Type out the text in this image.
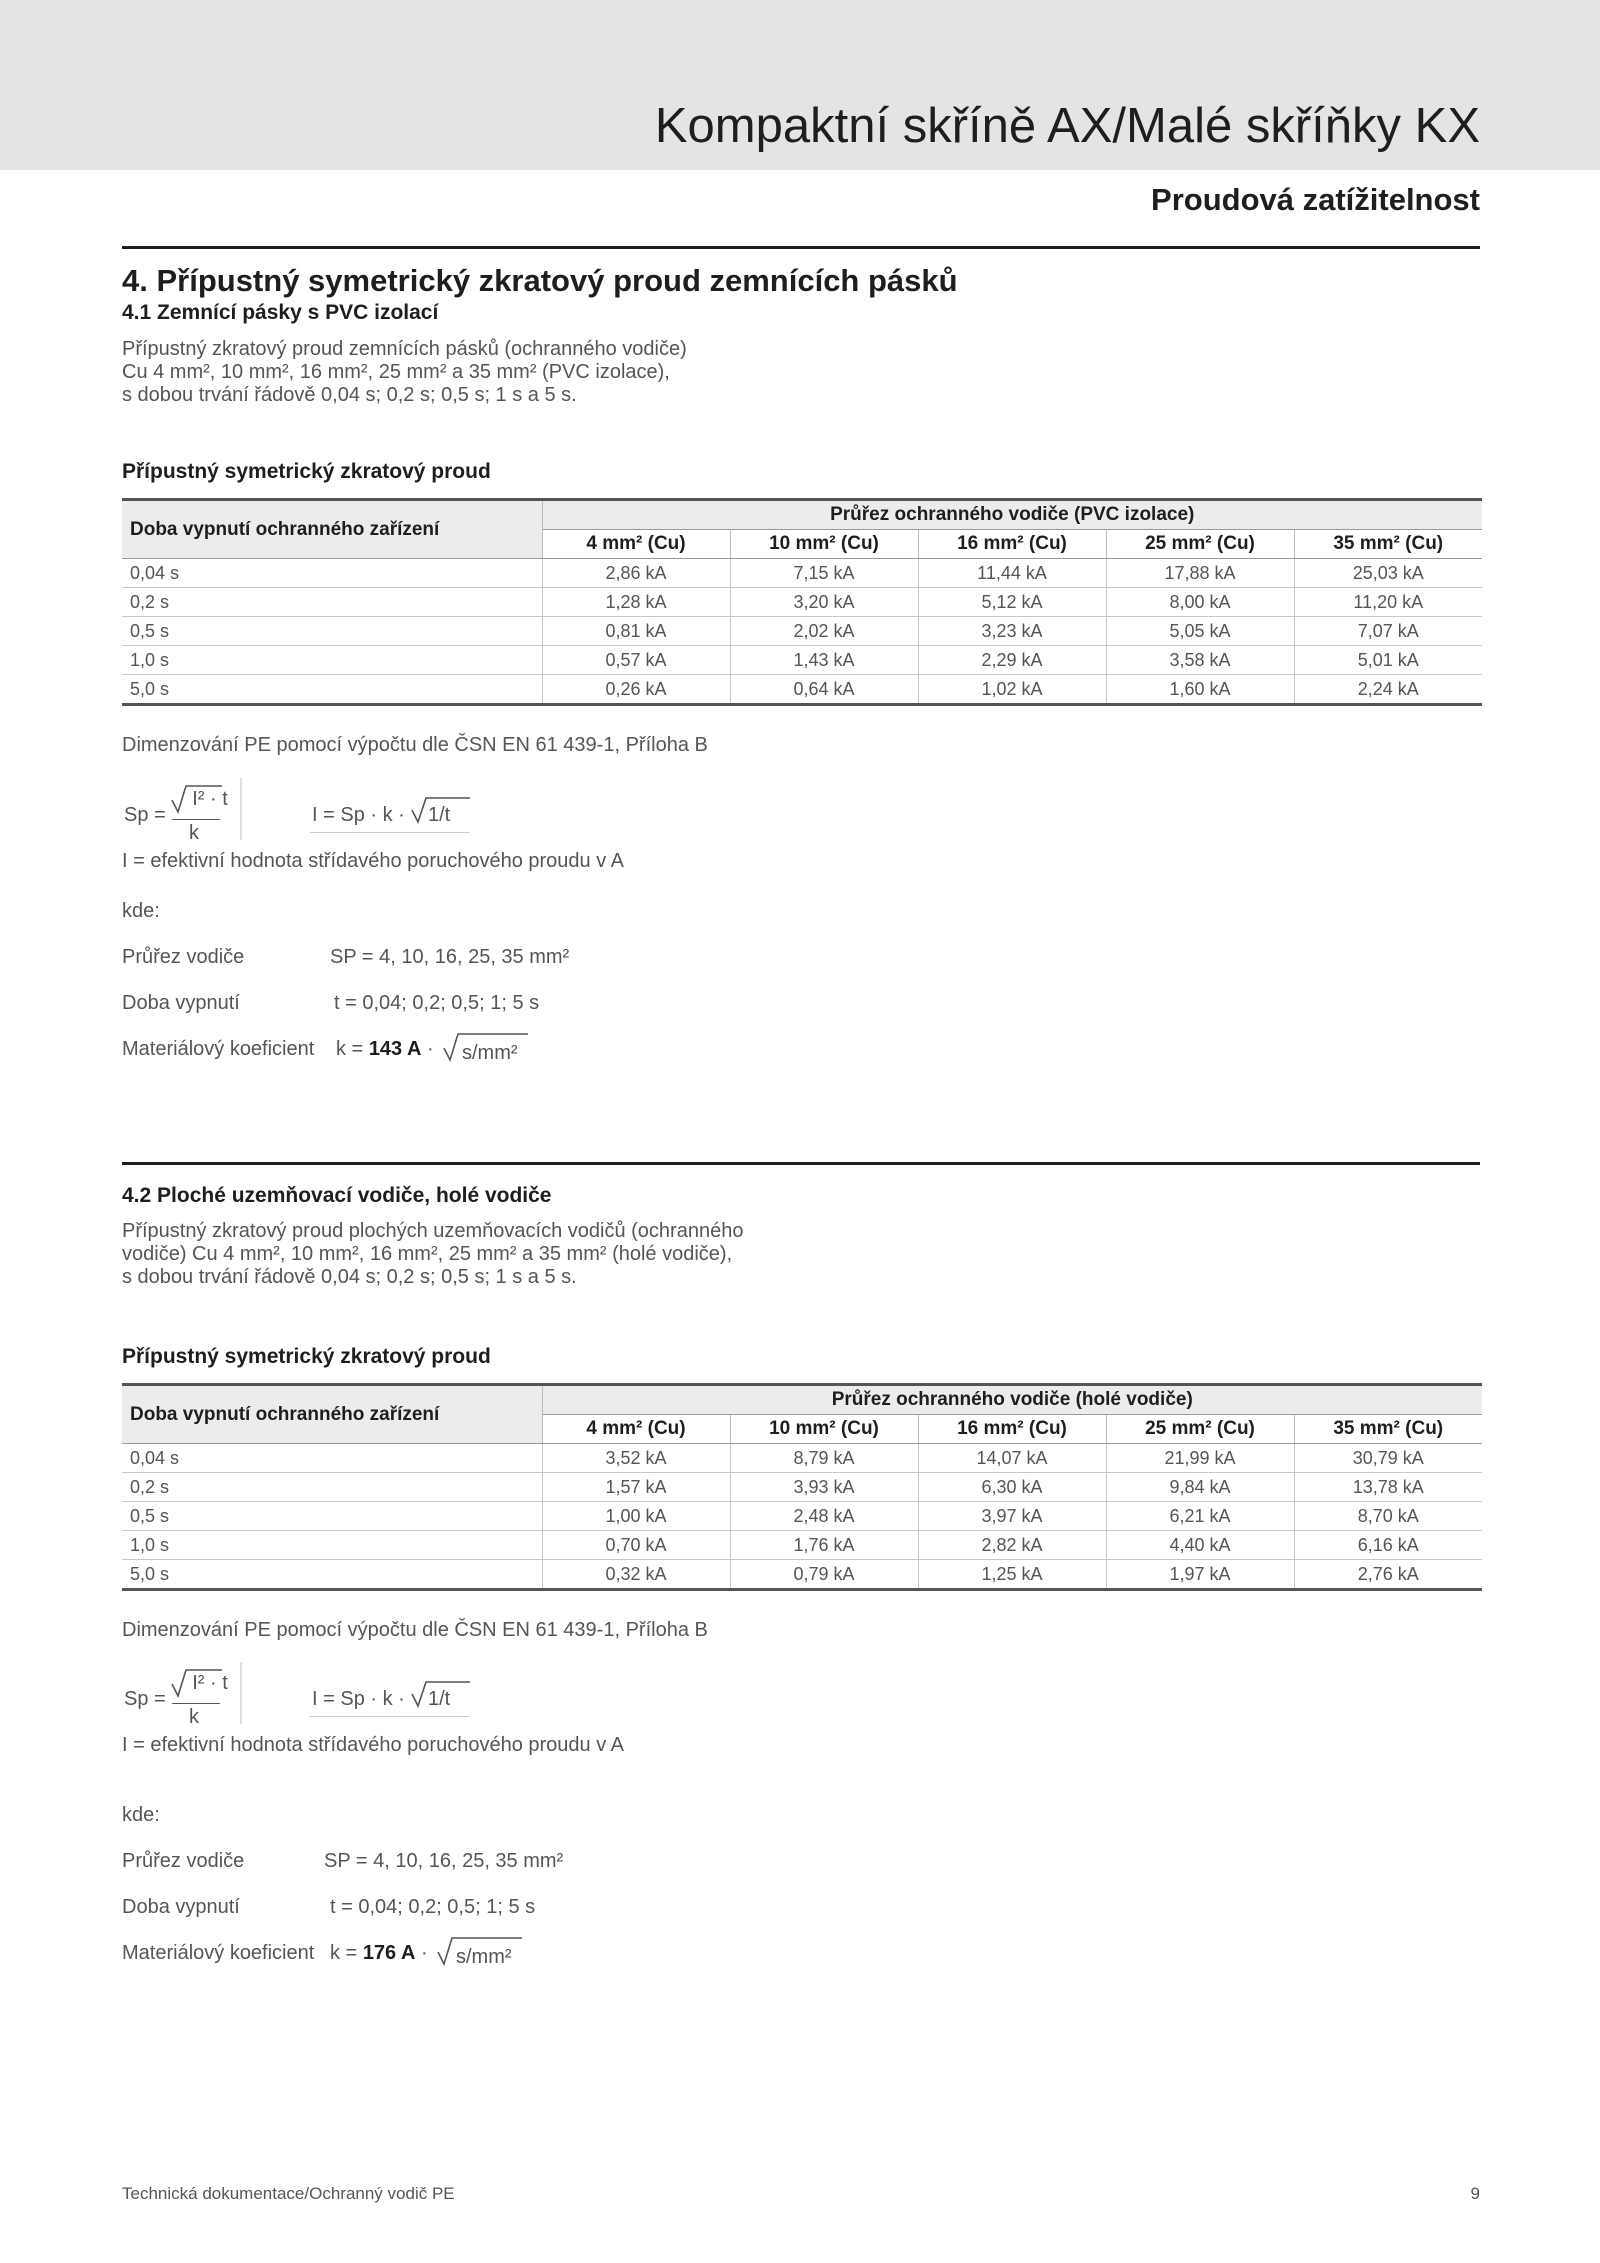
Kompaktní skříně AX/Malé skříňky KX
Proudová zatížitelnost
4. Přípustný symetrický zkratový proud zemnících pásků
4.1 Zemnící pásky s PVC izolací

Přípustný zkratový proud zemnících pásků (ochranného vodiče)

Cu 4 mm², 10 mm², 16 mm², 25 mm² a 35 mm² (PVC izolace),

s dobou trvání řádově 0,04 s; 0,2 s; 0,5 s; 1 s a 5 s.

Přípustný symetrický zkratový proud
Doba vypnutí ochranného zařízení	Průřez ochranného vodiče (PVC izolace)				
	4 mm² (Cu)	10 mm² (Cu)	16 mm² (Cu)	25 mm² (Cu)	35 mm² (Cu)
0,04 s	2,86 kA	7,15 kA	11,44 kA	17,88 kA	25,03 kA
0,2 s	1,28 kA	3,20 kA	5,12 kA	8,00 kA	11,20 kA
0,5 s	0,81 kA	2,02 kA	3,23 kA	5,05 kA	7,07 kA
1,0 s	0,57 kA	1,43 kA	2,29 kA	3,58 kA	5,01 kA
5,0 s	0,26 kA	0,64 kA	1,02 kA	1,60 kA	2,24 kA
Dimenzování PE pomocí výpočtu dle ČSN EN 61 439-1, Příloha B
Sp =
I² · t
k
I = Sp · k · 1/t
I = efektivní hodnota střídavého poruchového proudu v A
kde:
Průřez vodiče	SP = 4, 10, 16, 25, 35 mm²
Doba vypnutí	t = 0,04; 0,2; 0,5; 1; 5 s
Materiálový koeficient k = 143 A · s/mm²
4.2 Ploché uzemňovací vodiče, holé vodiče

Přípustný zkratový proud plochých uzemňovacích vodičů (ochranného

vodiče) Cu 4 mm², 10 mm², 16 mm², 25 mm² a 35 mm² (holé vodiče),

s dobou trvání řádově 0,04 s; 0,2 s; 0,5 s; 1 s a 5 s.

Přípustný symetrický zkratový proud
Doba vypnutí ochranného zařízení	Průřez ochranného vodiče (holé vodiče)				
	4 mm² (Cu)	10 mm² (Cu)	16 mm² (Cu)	25 mm² (Cu)	35 mm² (Cu)
0,04 s	3,52 kA	8,79 kA	14,07 kA	21,99 kA	30,79 kA
0,2 s	1,57 kA	3,93 kA	6,30 kA	9,84 kA	13,78 kA
0,5 s	1,00 kA	2,48 kA	3,97 kA	6,21 kA	8,70 kA
1,0 s	0,70 kA	1,76 kA	2,82 kA	4,40 kA	6,16 kA
5,0 s	0,32 kA	0,79 kA	1,25 kA	1,97 kA	2,76 kA
Dimenzování PE pomocí výpočtu dle ČSN EN 61 439-1, Příloha B
Sp =
I² · t
k
I = Sp · k · 1/t
I = efektivní hodnota střídavého poruchového proudu v A
kde:
Průřez vodiče	SP = 4, 10, 16, 25, 35 mm²
Doba vypnutí	t = 0,04; 0,2; 0,5; 1; 5 s
Materiálový koeficient k = 176 A · s/mm²
Technická dokumentace/Ochranný vodič PE	9
